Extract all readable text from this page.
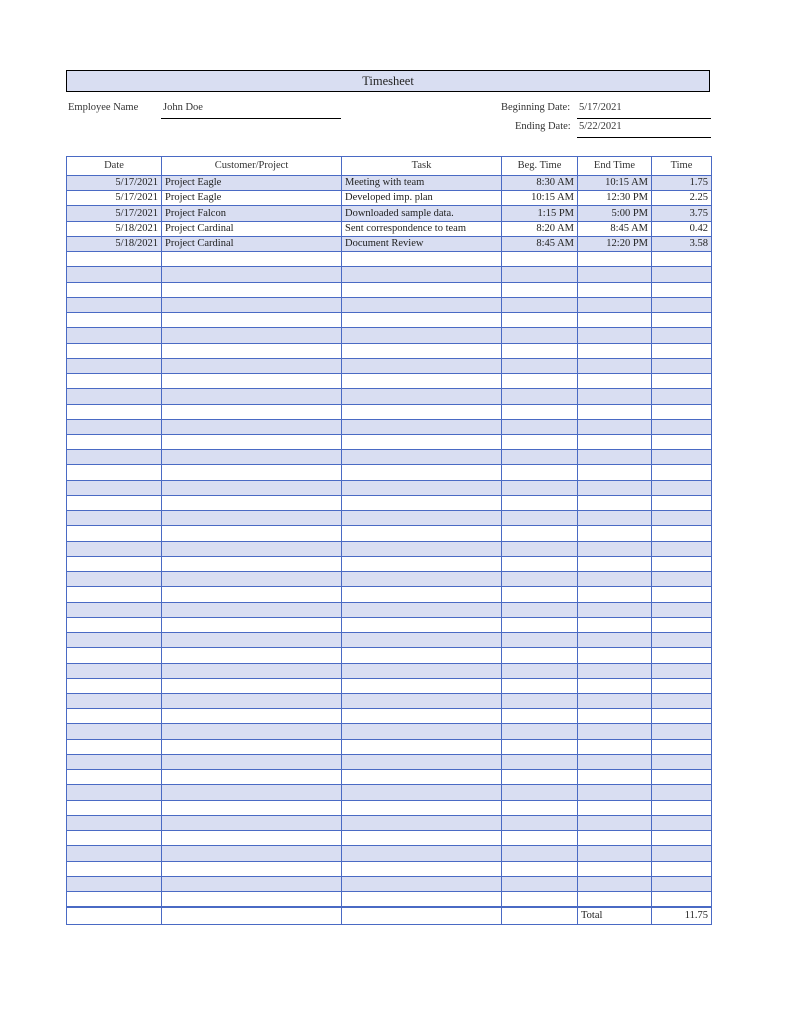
Timesheet
Employee Name John Doe	Beginning Date: 5/17/2021
Ending Date: 5/22/2021
Date	Customer/Project	Task	Beg. Time	End Time	Time
5/17/2021	Project Eagle	Meeting with team	8:30 AM	10:15 AM	1.75
5/17/2021	Project Eagle	Developed imp. plan	10:15 AM	12:30 PM	2.25
5/17/2021	Project Falcon	Downloaded sample data.	1:15 PM	5:00 PM	3.75
5/18/2021	Project Cardinal	Sent correspondence to team	8:20 AM	8:45 AM	0.42
5/18/2021	Project Cardinal	Document Review	8:45 AM	12:20 PM	3.58

				Total	11.75
